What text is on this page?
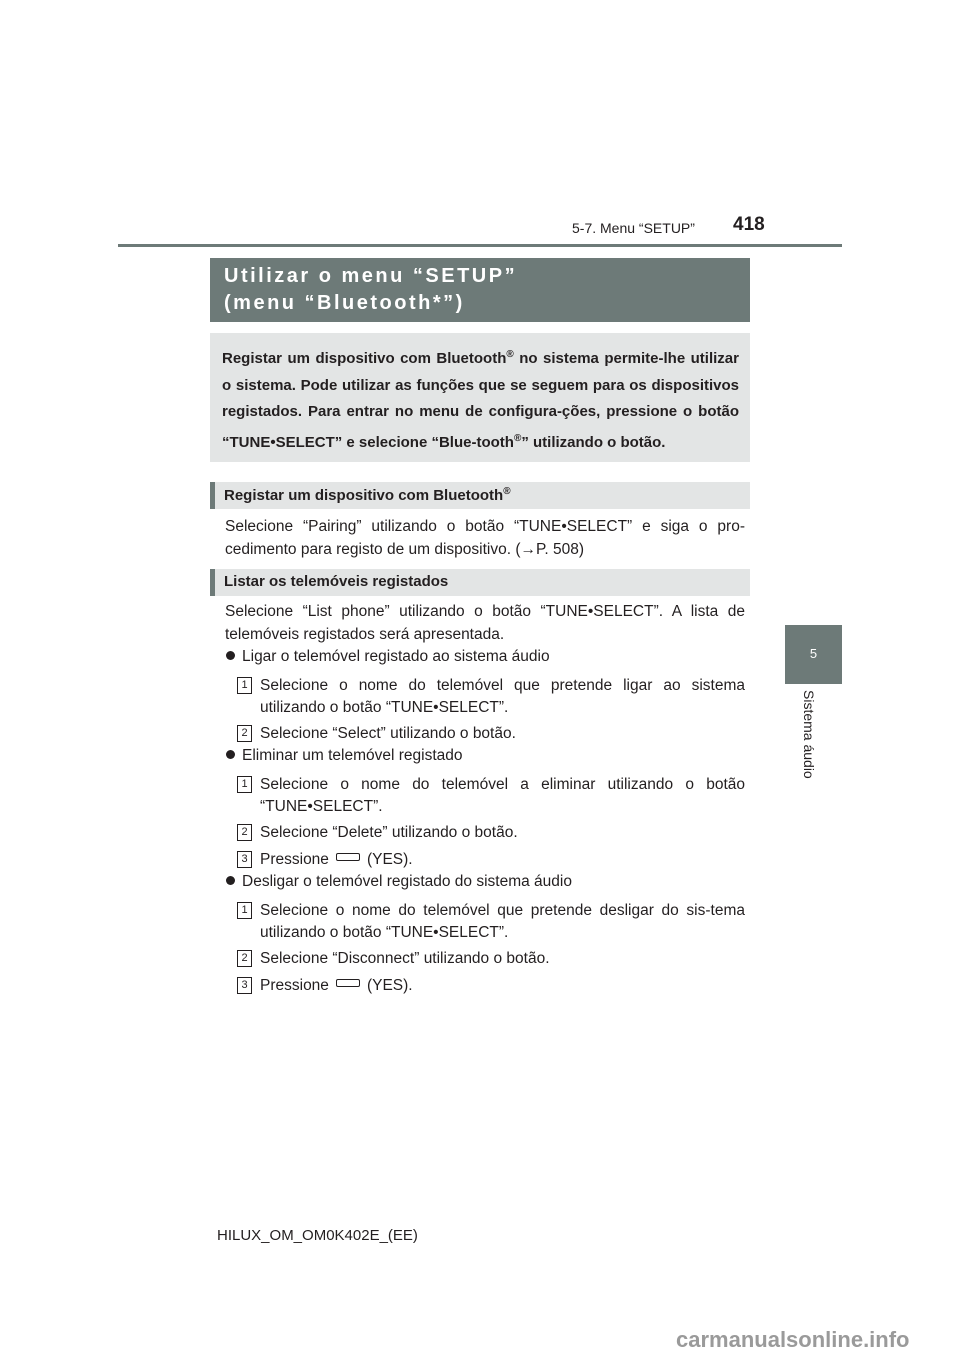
5-7. Menu “SETUP” 418
5
Sistema áudio
Utilizar o menu “SETUP”
(menu “Bluetooth*”)
Registar um dispositivo com Bluetooth® no sistema permite-lhe utilizar o sistema. Pode utilizar as funções que se seguem para os dispositivos registados. Para entrar no menu de configura-ções, pressione o botão “TUNE•SELECT” e selecione “Blue-tooth®” utilizando o botão.
Registar um dispositivo com Bluetooth®
Selecione “Pairing” utilizando o botão “TUNE•SELECT” e siga o pro-cedimento para registo de um dispositivo. (→P. 508)
Listar os telemóveis registados
Selecione “List phone” utilizando o botão “TUNE•SELECT”. A lista de telemóveis registados será apresentada.
Ligar o telemóvel registado ao sistema áudio
1 Selecione o nome do telemóvel que pretende ligar ao sistema utilizando o botão “TUNE•SELECT”.
2 Selecione “Select” utilizando o botão.
Eliminar um telemóvel registado
1 Selecione o nome do telemóvel a eliminar utilizando o botão “TUNE•SELECT”.
2 Selecione “Delete” utilizando o botão.
3 Pressione (YES).
Desligar o telemóvel registado do sistema áudio
1 Selecione o nome do telemóvel que pretende desligar do sis-tema utilizando o botão “TUNE•SELECT”.
2 Selecione “Disconnect” utilizando o botão.
3 Pressione (YES).
HILUX_OM_OM0K402E_(EE)
carmanualsonline.info
